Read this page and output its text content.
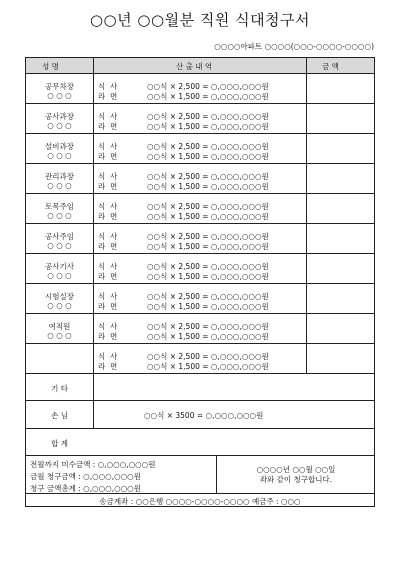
○○년 ○○월분 직원 식대청구서
○○○○아파트 ○○○○(○○○-○○○○-○○○○)
성 명	산 출 내 역	금 액
공무차장
○ ○ ○
식  사	○○식 × 2,500 = ○,○○○,○○○원
라  면	○○식 × 1,500 = ○,○○○,○○○원
공사과장
○ ○ ○
식  사	○○식 × 2,500 = ○,○○○,○○○원
라  면	○○식 × 1,500 = ○,○○○,○○○원
설비과장
○ ○ ○
식  사	○○식 × 2,500 = ○,○○○,○○○원
라  면	○○식 × 1,500 = ○,○○○,○○○원
관리과장
○ ○ ○
식  사	○○식 × 2,500 = ○,○○○,○○○원
라  면	○○식 × 1,500 = ○,○○○,○○○원
토목주임
○ ○ ○
식  사	○○식 × 2,500 = ○,○○○,○○○원
라  면	○○식 × 1,500 = ○,○○○,○○○원
공사주임
○ ○ ○
식  사	○○식 × 2,500 = ○,○○○,○○○원
라  면	○○식 × 1,500 = ○,○○○,○○○원
공사기사
○ ○ ○
식  사	○○식 × 2,500 = ○,○○○,○○○원
라  면	○○식 × 1,500 = ○,○○○,○○○원
시험실장
○ ○ ○
식  사	○○식 × 2,500 = ○,○○○,○○○원
라  면	○○식 × 1,500 = ○,○○○,○○○원
여직원
○ ○ ○
식  사	○○식 × 2,500 = ○,○○○,○○○원
라  면	○○식 × 1,500 = ○,○○○,○○○원
식  사	○○식 × 2,500 = ○,○○○,○○○원
라  면	○○식 × 1,500 = ○,○○○,○○○원
기 타
손 님	○○식 × 3500 = ○,○○○,○○○원
합 계
전월까지 미수금액 : ○,○○○,○○○원
금월 청구금액 : ○,○○○,○○○원
청구 금액총계 : ○,○○○,○○○원
○○○○년 ○○월 ○○일
좌와 같이 청구합니다.
송금계좌 : ○○은행 ○○○○-○○○○-○○○○ 예금주 : ○○○
